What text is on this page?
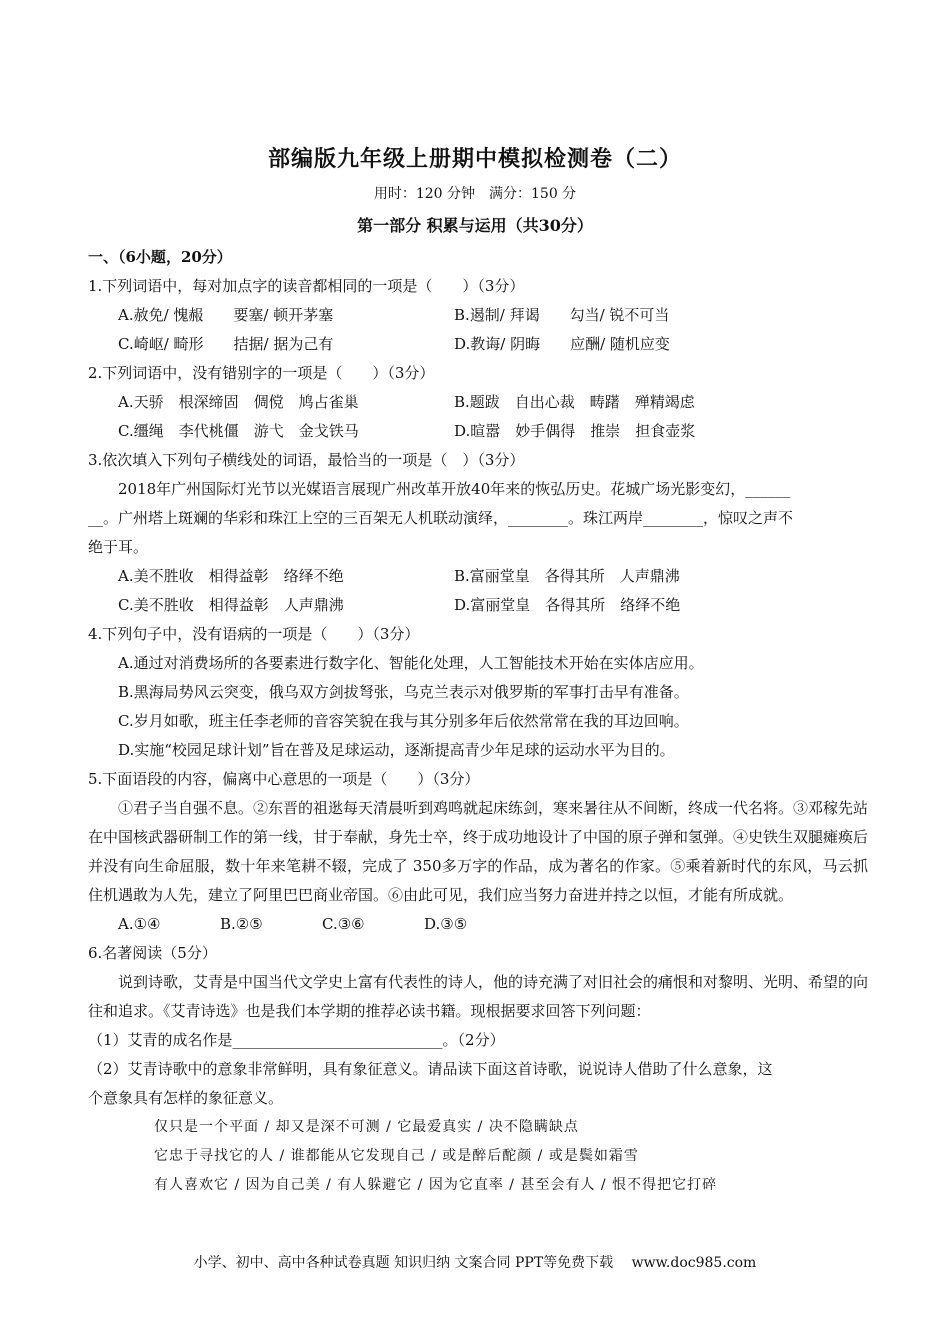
部编版九年级上册期中模拟检测卷（二）
用时：120 分钟　满分：150 分
第一部分 积累与运用（共30分）
一、（6小题，20分）
1.下列词语中，每对加点字的读音都相同的一项是（　　）（3分）
A.赦免/ 愧赧　　要塞/ 顿开茅塞	B.遏制/ 拜谒　　勾当/ 锐不可当
C.崎岖/ 畸形　　拮据/ 据为己有	D.教诲/ 阴晦　　应酬/ 随机应变
2.下列词语中，没有错别字的一项是（　　）（3分）
A.天骄　根深缔固　倜傥　鸠占雀巢	B.题跋　自出心裁　畴躇　殚精竭虑
C.缰绳　李代桃僵　游弋　金戈铁马	D.暄嚣　妙手偶得　推崇　担食壶浆
3.依次填入下列句子横线处的词语，最恰当的一项是（　）（3分）
2018年广州国际灯光节以光媒语言展现广州改革开放40年来的恢弘历史。花城广场光影变幻，______
__。广州塔上斑斓的华彩和珠江上空的三百架无人机联动演绎，________。珠江两岸________，惊叹之声不
绝于耳。
A.美不胜收　相得益彰　络绎不绝	B.富丽堂皇　各得其所　人声鼎沸
C.美不胜收　相得益彰　人声鼎沸	D.富丽堂皇　各得其所　络绎不绝
4.下列句子中，没有语病的一项是（　　）（3分）
A.通过对消费场所的各要素进行数字化、智能化处理，人工智能技术开始在实体店应用。
B.黑海局势风云突变，俄乌双方剑拔弩张，乌克兰表示对俄罗斯的军事打击早有准备。
C.岁月如歌，班主任李老师的音容笑貌在我与其分别多年后依然常常在我的耳边回响。
D.实施“校园足球计划”旨在普及足球运动，逐渐提高青少年足球的运动水平为目的。
5.下面语段的内容，偏离中心意思的一项是（　　）（3分）
①君子当自强不息。②东晋的祖逖每天清晨听到鸡鸣就起床练剑，寒来暑往从不间断，终成一代名将。③邓稼先站在中国核武器研制工作的第一线，甘于奉献，身先士卒，终于成功地设计了中国的原子弹和氢弹。④史铁生双腿瘫痪后并没有向生命屈服，数十年来笔耕不辍，完成了 350多万字的作品，成为著名的作家。⑤乘着新时代的东风，马云抓住机遇敢为人先，建立了阿里巴巴商业帝国。⑥由此可见，我们应当努力奋进并持之以恒，才能有所成就。
A.①④	B.②⑤	C.③⑥	D.③⑤
6.名著阅读（5分）
说到诗歌，艾青是中国当代文学史上富有代表性的诗人，他的诗充满了对旧社会的痛恨和对黎明、光明、希望的向往和追求。《艾青诗选》也是我们本学期的推荐必读书籍。现根据要求回答下列问题：
（1）艾青的成名作是____________________________。（2分）
（2）艾青诗歌中的意象非常鲜明，具有象征意义。请品读下面这首诗歌，说说诗人借助了什么意象，这
个意象具有怎样的象征意义。
仅只是一个平面 / 却又是深不可测 / 它最爱真实 / 决不隐瞒缺点
它忠于寻找它的人 / 谁都能从它发现自己 / 或是醉后酡颜 / 或是鬓如霜雪
有人喜欢它 / 因为自己美 / 有人躲避它 / 因为它直率 / 甚至会有人 / 恨不得把它打碎
小学、初中、高中各种试卷真题 知识归纳 文案合同 PPT等免费下载　 www.doc985.com
